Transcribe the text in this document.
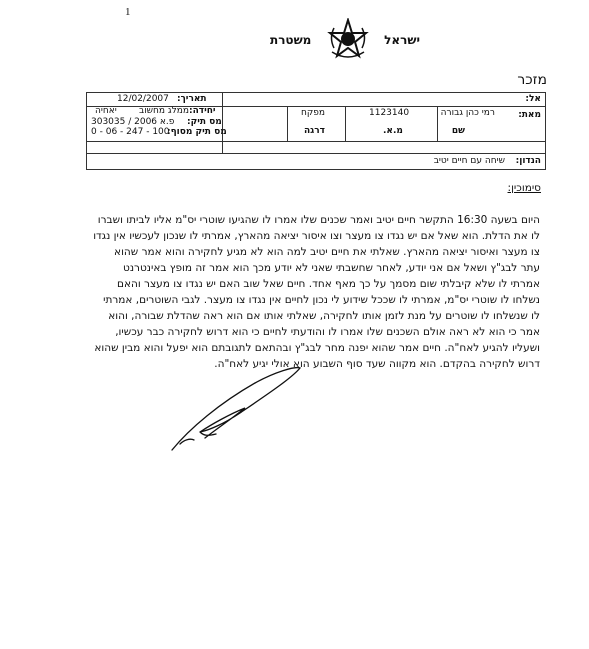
1
ישראל
משטרת
מזכר
אל:
תאריך:
12/02/2007
מאת:
רמי כהן גבורה
שם
1123140
מ.א.
מפקח
דרגה
יחידה:
ממלג מחשוב
יאחיה
מס תיק:
פ.א 2006 / 303035
מס תיק מסוף:
100 - 247 - 06 - 0
הנדון:
שיחה עם חיים יטיב
סימוכין:
היום בשעה 16:30 התקשר חיים יטיב ואמר שכנים שלו אמרו לו שהגיעו שוטרי יס"מ אליו לביתו ושברו לו את הדלת. הוא שאל אם יש נגדו צו מעצר וצו איסור יציאה מהארץ, אמרתי לו שנכון לעכשיו אין נגדו צו מעצר ואיסור יציאה מהארץ. שאלתי את חיים יטיב למה הוא לא מגיע לחקירה והוא אמר שהוא עתר לבג"ץ ושאל אם אני יודע, לאחר שחשבתי שאני לא יודע מכך הוא אמר זה מופץ באינטרנט אמרתי לו שלא קיבלתי שום מסמך על כך מאף אחד. חיים שאל שוב האם יש נגדו צו מעצר והאם נשלחו לו שוטרי יס"מ, אמרתי לו שככל שידוע לי נכון לחיים אין נגדו צו מעצר. לגבי השוטרים, אמרתי לו שנשלחו לו שוטרים על מנת לזמן אותו לחקירה, שאלתי אותו אם הוא ראה שהדלת שבורה, והוא אמר כי הוא לא ראה אולם השכנים שלו אמרו לו והודעתי לחיים כי הוא דרוש לחקירה כבר עכשיו, ושעליו להגיע לאח"ה. חיים אמר שהוא יפנה מחר לבג"ץ ובהתאם לתגובתם הוא יפעל והוא מבין שהוא דרוש לחקירה בהקדם. הוא מקווה שעד סוף השבוע הוא אולי יגיע לאח"ה.
